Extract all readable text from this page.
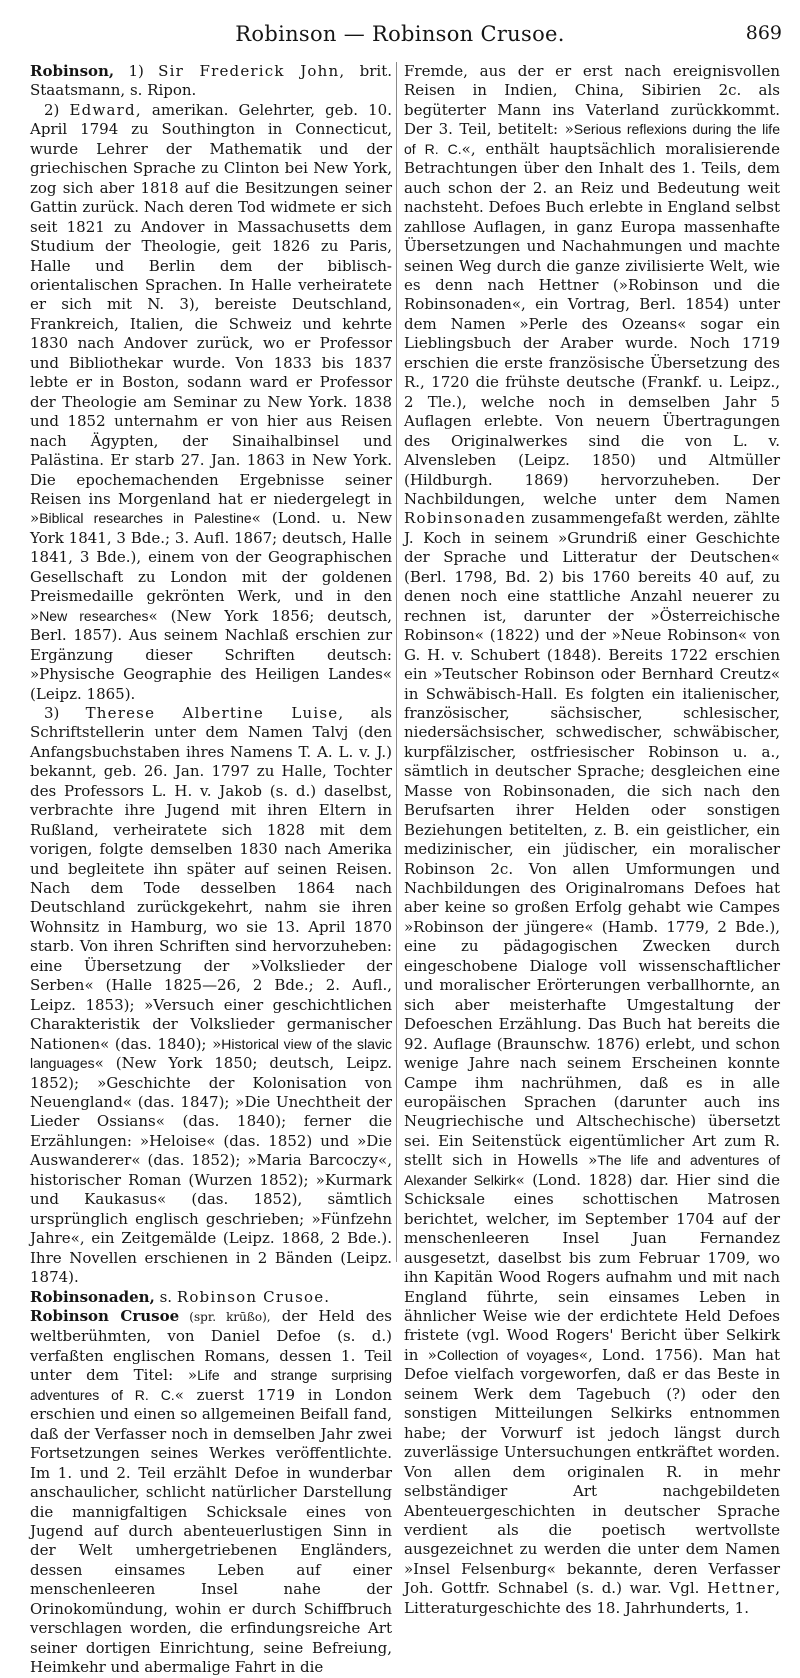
Robinson — Robinson Crusoe.	869

Robinson, 1) Sir Frederick John, brit. Staatsmann, s. Ripon.

2) Edward, amerikan. Gelehrter, geb. 10. April 1794 zu Southington in Connecticut, wurde Lehrer der Mathematik und der griechischen Sprache zu Clinton bei New York, zog sich aber 1818 auf die Besitzungen seiner Gattin zurück. Nach deren Tod widmete er sich seit 1821 zu Andover in Massachusetts dem Studium der Theologie, geit 1826 zu Paris, Halle und Berlin dem der biblisch-orientalischen Sprachen. In Halle verheiratete er sich mit N. 3), bereiste Deutschland, Frankreich, Italien, die Schweiz und kehrte 1830 nach Andover zurück, wo er Professor und Bibliothekar wurde. Von 1833 bis 1837 lebte er in Boston, sodann ward er Professor der Theologie am Seminar zu New York. 1838 und 1852 unternahm er von hier aus Reisen nach Ägypten, der Sinaihalbinsel und Palästina. Er starb 27. Jan. 1863 in New York. Die epochemachenden Ergebnisse seiner Reisen ins Morgenland hat er niedergelegt in »Biblical researches in Palestine« (Lond. u. New York 1841, 3 Bde.; 3. Aufl. 1867; deutsch, Halle 1841, 3 Bde.), einem von der Geographischen Gesellschaft zu London mit der goldenen Preismedaille gekrönten Werk, und in den »New researches« (New York 1856; deutsch, Berl. 1857). Aus seinem Nachlaß erschien zur Ergänzung dieser Schriften deutsch: »Physische Geographie des Heiligen Landes« (Leipz. 1865).

3) Therese Albertine Luise, als Schriftstellerin unter dem Namen Talvj (den Anfangsbuchstaben ihres Namens T. A. L. v. J.) bekannt, geb. 26. Jan. 1797 zu Halle, Tochter des Professors L. H. v. Jakob (s. d.) daselbst, verbrachte ihre Jugend mit ihren Eltern in Rußland, verheiratete sich 1828 mit dem vorigen, folgte demselben 1830 nach Amerika und begleitete ihn später auf seinen Reisen. Nach dem Tode desselben 1864 nach Deutschland zurückgekehrt, nahm sie ihren Wohnsitz in Hamburg, wo sie 13. April 1870 starb. Von ihren Schriften sind hervorzuheben: eine Übersetzung der »Volkslieder der Serben« (Halle 1825—26, 2 Bde.; 2. Aufl., Leipz. 1853); »Versuch einer geschichtlichen Charakteristik der Volkslieder germanischer Nationen« (das. 1840); »Historical view of the slavic languages« (New York 1850; deutsch, Leipz. 1852); »Geschichte der Kolonisation von Neuengland« (das. 1847); »Die Unechtheit der Lieder Ossians« (das. 1840); ferner die Erzählungen: »Heloise« (das. 1852) und »Die Auswanderer« (das. 1852); »Maria Barcoczy«, historischer Roman (Wurzen 1852); »Kurmark und Kaukasus« (das. 1852), sämtlich ursprünglich englisch geschrieben; »Fünfzehn Jahre«, ein Zeitgemälde (Leipz. 1868, 2 Bde.). Ihre Novellen erschienen in 2 Bänden (Leipz. 1874).

Robinsonaden, s. Robinson Crusoe.

Robinson Crusoe (spr. krūßo), der Held des weltberühmten, von Daniel Defoe (s. d.) verfaßten englischen Romans, dessen 1. Teil unter dem Titel: »Life and strange surprising adventures of R. C.« zuerst 1719 in London erschien und einen so allgemeinen Beifall fand, daß der Verfasser noch in demselben Jahr zwei Fortsetzungen seines Werkes veröffentlichte. Im 1. und 2. Teil erzählt Defoe in wunderbar anschaulicher, schlicht natürlicher Darstellung die mannigfaltigen Schicksale eines von Jugend auf durch abenteuerlustigen Sinn in der Welt umhergetriebenen Engländers, dessen einsames Leben auf einer menschenleeren Insel nahe der Orinokomündung, wohin er durch Schiffbruch verschlagen worden, die erfindungsreiche Art seiner dortigen Einrichtung, seine Befreiung, Heimkehr und abermalige Fahrt in die

Fremde, aus der er erst nach ereignisvollen Reisen in Indien, China, Sibirien 2c. als begüterter Mann ins Vaterland zurückkommt. Der 3. Teil, betitelt: »Serious reflexions during the life of R. C.«, enthält hauptsächlich moralisierende Betrachtungen über den Inhalt des 1. Teils, dem auch schon der 2. an Reiz und Bedeutung weit nachsteht. Defoes Buch erlebte in England selbst zahllose Auflagen, in ganz Europa massenhafte Übersetzungen und Nachahmungen und machte seinen Weg durch die ganze zivilisierte Welt, wie es denn nach Hettner (»Robinson und die Robinsonaden«, ein Vortrag, Berl. 1854) unter dem Namen »Perle des Ozeans« sogar ein Lieblingsbuch der Araber wurde. Noch 1719 erschien die erste französische Übersetzung des R., 1720 die frühste deutsche (Frankf. u. Leipz., 2 Tle.), welche noch in demselben Jahr 5 Auflagen erlebte. Von neuern Übertragungen des Originalwerkes sind die von L. v. Alvensleben (Leipz. 1850) und Altmüller (Hildburgh. 1869) hervorzuheben. Der Nachbildungen, welche unter dem Namen Robinsonaden zusammengefaßt werden, zählte J. Koch in seinem »Grundriß einer Geschichte der Sprache und Litteratur der Deutschen« (Berl. 1798, Bd. 2) bis 1760 bereits 40 auf, zu denen noch eine stattliche Anzahl neuerer zu rechnen ist, darunter der »Österreichische Robinson« (1822) und der »Neue Robinson« von G. H. v. Schubert (1848). Bereits 1722 erschien ein »Teutscher Robinson oder Bernhard Creutz« in Schwäbisch-Hall. Es folgten ein italienischer, französischer, sächsischer, schlesischer, niedersächsischer, schwedischer, schwäbischer, kurpfälzischer, ostfriesischer Robinson u. a., sämtlich in deutscher Sprache; desgleichen eine Masse von Robinsonaden, die sich nach den Berufsarten ihrer Helden oder sonstigen Beziehungen betitelten, z. B. ein geistlicher, ein medizinischer, ein jüdischer, ein moralischer Robinson 2c. Von allen Umformungen und Nachbildungen des Originalromans Defoes hat aber keine so großen Erfolg gehabt wie Campes »Robinson der jüngere« (Hamb. 1779, 2 Bde.), eine zu pädagogischen Zwecken durch eingeschobene Dialoge voll wissenschaftlicher und moralischer Erörterungen verballhornte, an sich aber meisterhafte Umgestaltung der Defoeschen Erzählung. Das Buch hat bereits die 92. Auflage (Braunschw. 1876) erlebt, und schon wenige Jahre nach seinem Erscheinen konnte Campe ihm nachrühmen, daß es in alle europäischen Sprachen (darunter auch ins Neugriechische und Altschechische) übersetzt sei. Ein Seitenstück eigentümlicher Art zum R. stellt sich in Howells »The life and adventures of Alexander Selkirk« (Lond. 1828) dar. Hier sind die Schicksale eines schottischen Matrosen berichtet, welcher, im September 1704 auf der menschenleeren Insel Juan Fernandez ausgesetzt, daselbst bis zum Februar 1709, wo ihn Kapitän Wood Rogers aufnahm und mit nach England führte, sein einsames Leben in ähnlicher Weise wie der erdichtete Held Defoes fristete (vgl. Wood Rogers' Bericht über Selkirk in »Collection of voyages«, Lond. 1756). Man hat Defoe vielfach vorgeworfen, daß er das Beste in seinem Werk dem Tagebuch (?) oder den sonstigen Mitteilungen Selkirks entnommen habe; der Vorwurf ist jedoch längst durch zuverlässige Untersuchungen entkräftet worden. Von allen dem originalen R. in mehr selbständiger Art nachgebildeten Abenteuergeschichten in deutscher Sprache verdient als die poetisch wertvollste ausgezeichnet zu werden die unter dem Namen »Insel Felsenburg« bekannte, deren Verfasser Joh. Gottfr. Schnabel (s. d.) war. Vgl. Hettner, Litteraturgeschichte des 18. Jahrhunderts, 1.
